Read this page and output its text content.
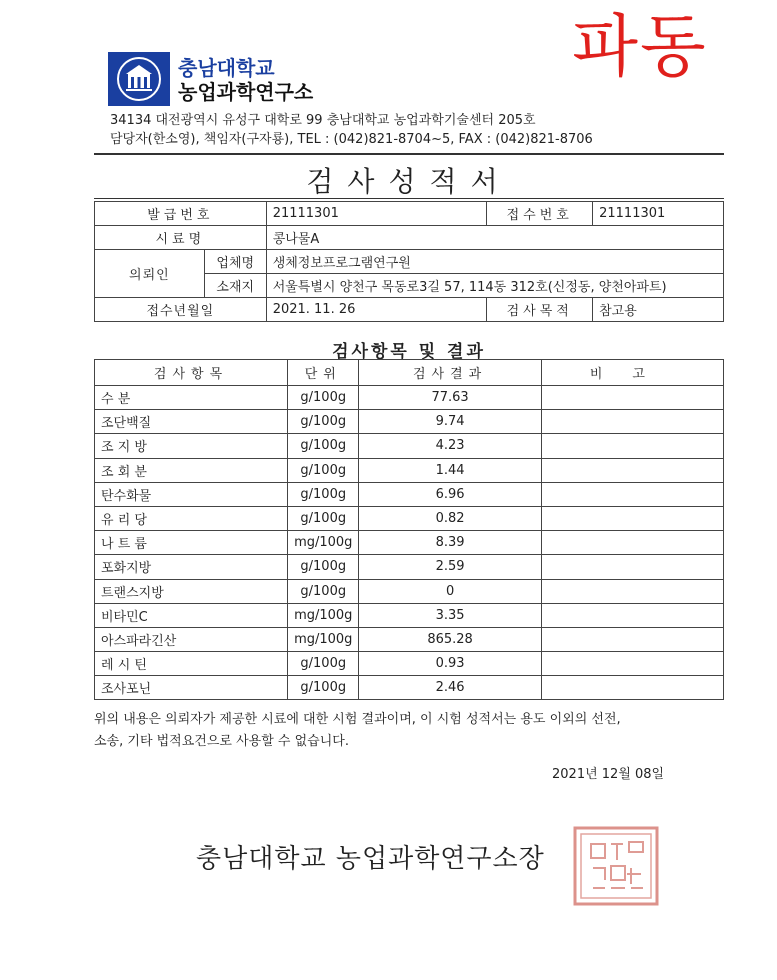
파동
충남대학교
농업과학연구소
34134 대전광역시 유성구 대학로 99 충남대학교 농업과학기술센터 205호
담당자(한소영), 책임자(구자룡), TEL : (042)821-8704~5, FAX : (042)821-8706
검사성적서
발급번호		21111301	접수번호	21111301
시료명		콩나물A		
의뢰인	업체명	생체정보프로그램연구원		
	소재지	서울특별시 양천구 목동로3길 57, 114동 312호(신정동, 양천아파트)		
접수년월일		2021. 11. 26	검사목적	참고용
검사항목 및 결과
검사항목	단위	검사결과	비고
수 분	g/100g	77.63	
조단백질	g/100g	9.74	
조 지 방	g/100g	4.23	
조 회 분	g/100g	1.44	
탄수화물	g/100g	6.96	
유 리 당	g/100g	0.82	
나 트 륨	mg/100g	8.39	
포화지방	g/100g	2.59	
트랜스지방	g/100g	0	
비타민C	mg/100g	3.35	
아스파라긴산	mg/100g	865.28	
레 시 틴	g/100g	0.93	
조사포닌	g/100g	2.46	
위의 내용은 의뢰자가 제공한 시료에 대한 시험 결과이며, 이 시험 성적서는 용도 이외의 선전,
소송, 기타 법적요건으로 사용할 수 없습니다.
2021년 12월 08일
충남대학교 농업과학연구소장
